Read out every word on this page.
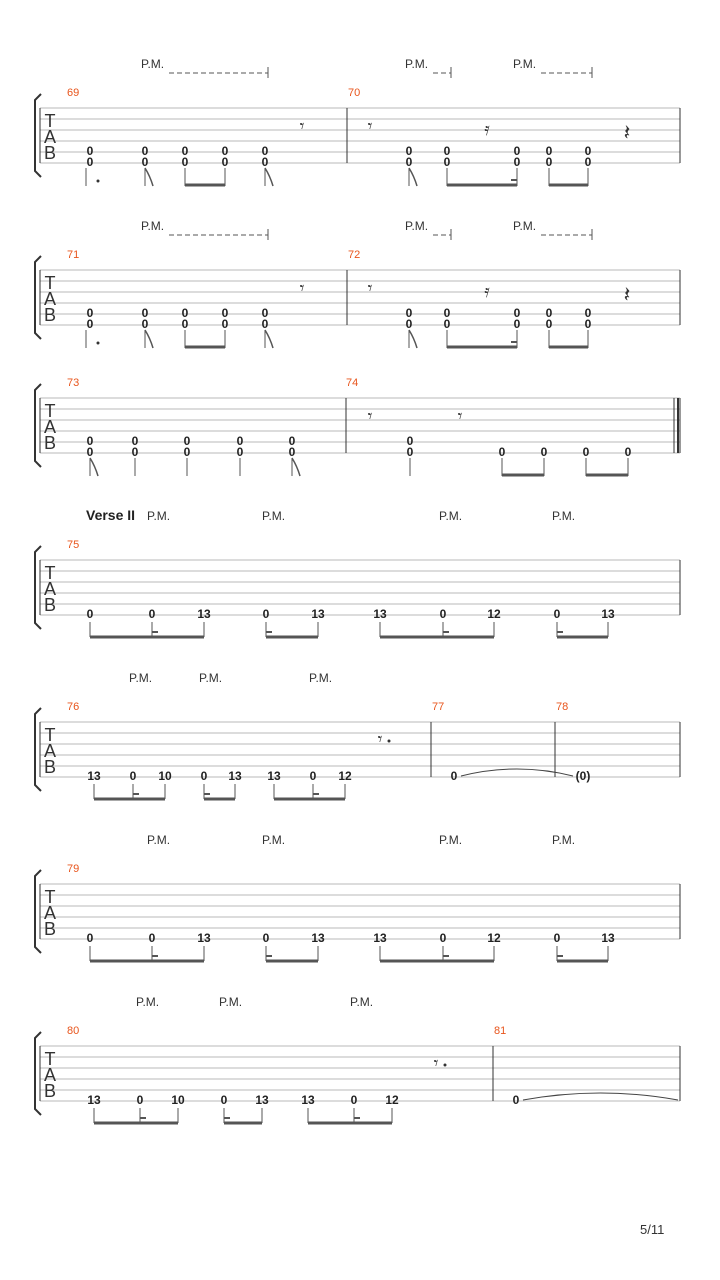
P.M.	P.M.	P.M.
T
A
B
69	70
0
0
0
0
0
0
0
0
0
0
0
0
0
0
0
0
0
0
0
0
𝄾	𝄾	𝄿	𝄽
P.M.	P.M.	P.M.
T
A
B
71	72
0
0
0
0
0
0
0
0
0
0
0
0
0
0
0
0
0
0
0
0
𝄾	𝄾	𝄿	𝄽
T
A
B
73	74
0
0
0
0
0
0
0
0
0
0
0
0	0	0	0	0
𝄾	𝄾
Verse II P.M.	P.M.	P.M.	P.M.
T
A
B
75
0	0	13	0	13	13	0	12	0	13
P.M.	P.M.	P.M.
T
A
B
76	77	78
13 0 10 0 13 13 0 12
𝄾
0	(0)
P.M.	P.M.	P.M.	P.M.
T
A
B
79
0	0	13	0	13	13	0	12	0	13
P.M.	P.M.	P.M.
T
A
B
80	81
13	0 10	0 13	13	0 12
𝄾
0
5/11
